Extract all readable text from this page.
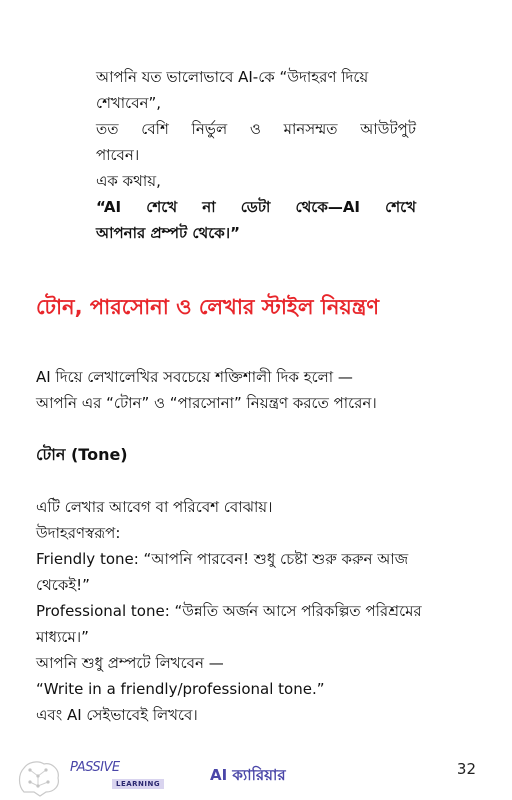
আপনি যত ভালোভাবে AI-কে “উদাহরণ দিয়ে

শেখাবেন”,

তত বেশি নির্ভুল ও মানসম্মত আউটপুট

পাবেন।

এক কথায়,

“AI শেখে না ডেটা থেকে—AI শেখে

আপনার প্রম্পট থেকে।”

টোন, পারসোনা ও লেখার স্টাইল নিয়ন্ত্রণ

AI দিয়ে লেখালেখির সবচেয়ে শক্তিশালী দিক হলো —

আপনি এর “টোন” ও “পারসোনা” নিয়ন্ত্রণ করতে পারেন।

টোন (Tone)

এটি লেখার আবেগ বা পরিবেশ বোঝায়।

উদাহরণস্বরূপ:

Friendly tone: “আপনি পারবেন! শুধু চেষ্টা শুরু করুন আজ

থেকেই!”

Professional tone: “উন্নতি অর্জন আসে পরিকল্পিত পরিশ্রমের

মাধ্যমে।”

আপনি শুধু প্রম্পটে লিখবেন —

“Write in a friendly/professional tone.”

এবং AI সেইভাবেই লিখবে।

PASSIVE
LEARNING	AI ক্যারিয়ার	32
